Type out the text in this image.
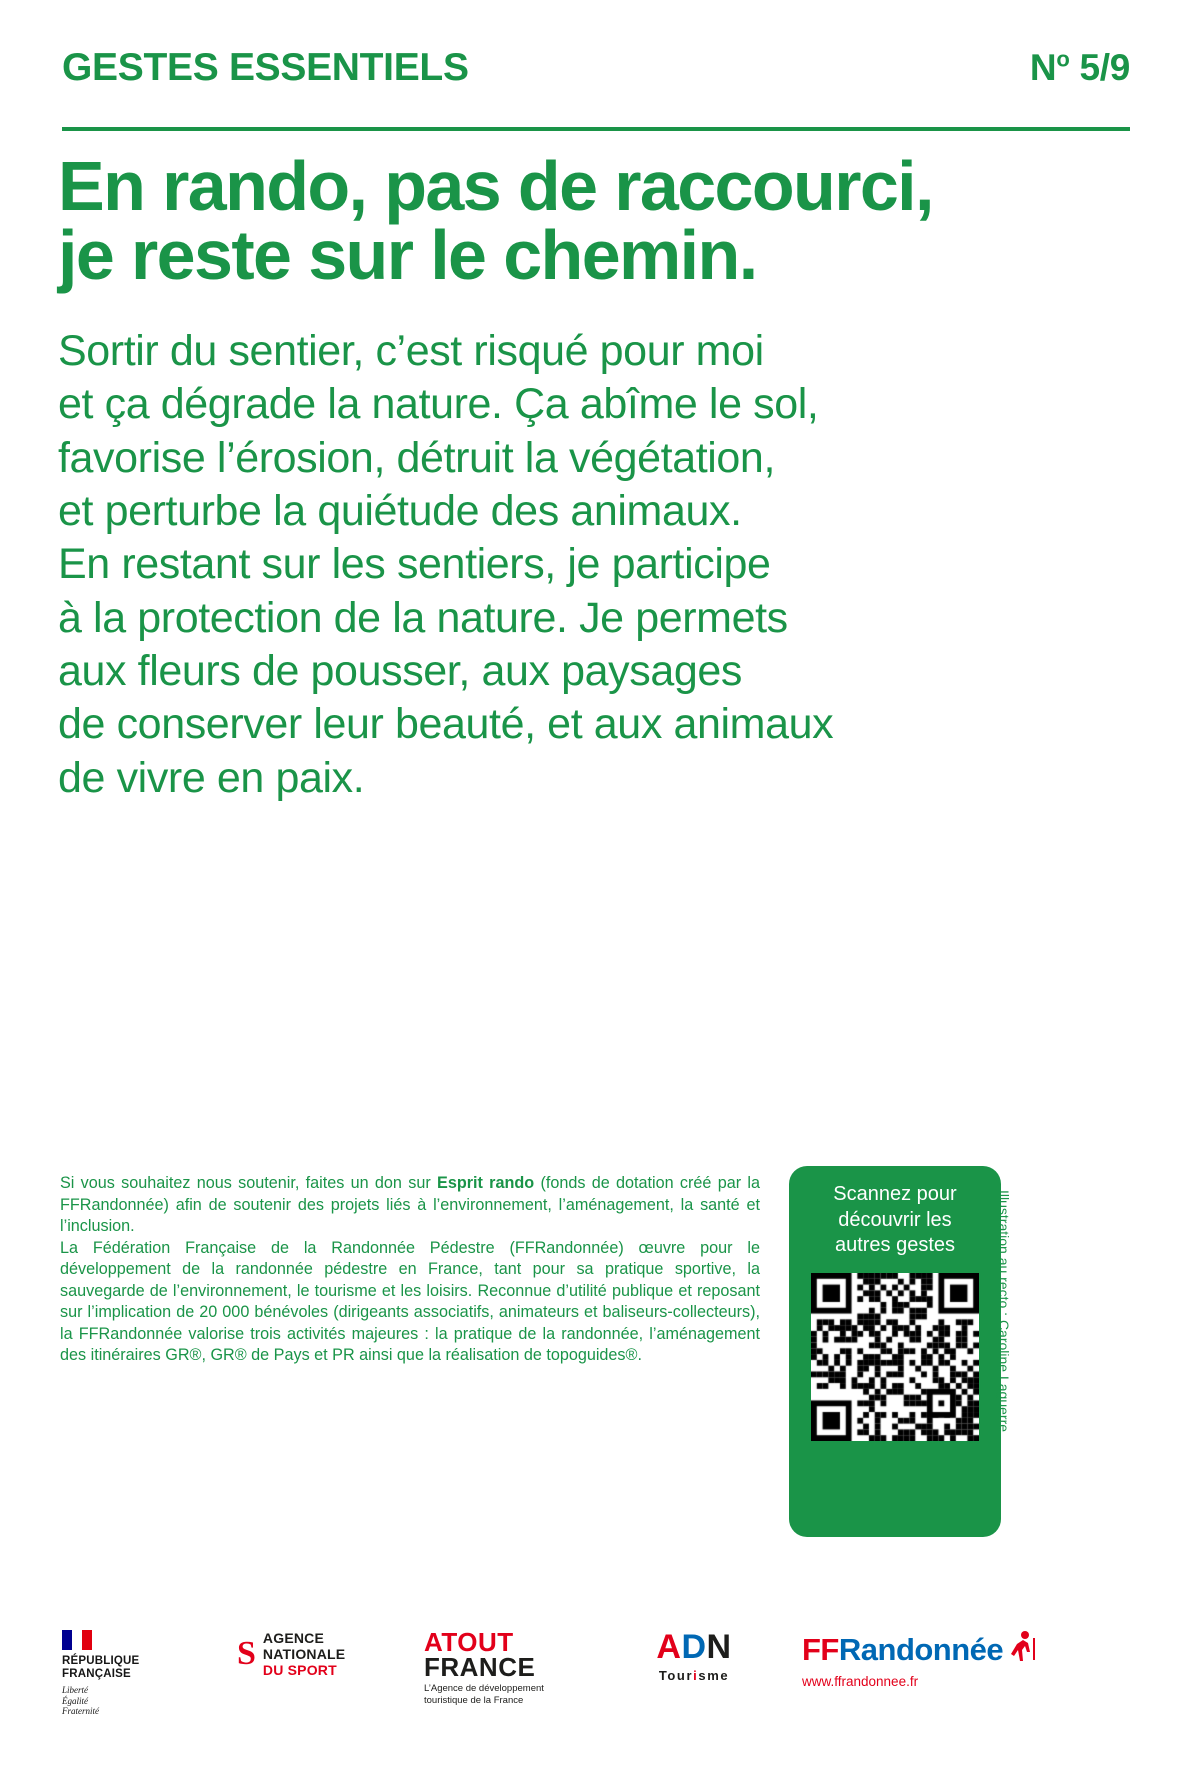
GESTES ESSENTIELS	$N^o$ 5/9
En rando, pas de raccourci,
je reste sur le chemin.
Sortir du sentier, c’est risqué pour moi
et ça dégrade la nature. Ça abîme le sol,
favorise l’érosion, détruit la végétation,
et perturbe la quiétude des animaux.
En restant sur les sentiers, je participe
à la protection de la nature. Je permets
aux fleurs de pousser, aux paysages
de conserver leur beauté, et aux animaux
de vivre en paix.

Si vous souhaitez nous soutenir, faites un don sur Esprit rando (fonds de dotation créé par la FFRandonnée) afin de soutenir des projets liés à l’environnement, l’aménagement, la santé et l’inclusion.

La Fédération Française de la Randonnée Pédestre (FFRandonnée) œuvre pour le développement de la randonnée pédestre en France, tant pour sa pratique sportive, la sauvegarde de l’environnement, le tourisme et les loisirs. Reconnue d’utilité publique et reposant sur l’implication de 20 000 bénévoles (dirigeants associatifs, animateurs et baliseurs-collecteurs), la FFRandonnée valorise trois activités majeures : la pratique de la randonnée, l’aménagement des itinéraires GR®, GR® de Pays et PR ainsi que la réalisation de topoguides®.

Scannez pour
découvrir les
autres gestes	Illustration au recto : Caroline Laguerre
RÉPUBLIQUE
FRANÇAISE
Liberté
Égalité
Fraternité
S AGENCE
NATIONALE
DU SPORT
ATOUT
FRANCE
L’Agence de développement
touristique de la France
ADN
Tourisme
FF Randonnée
www.ffrandonnee.fr
